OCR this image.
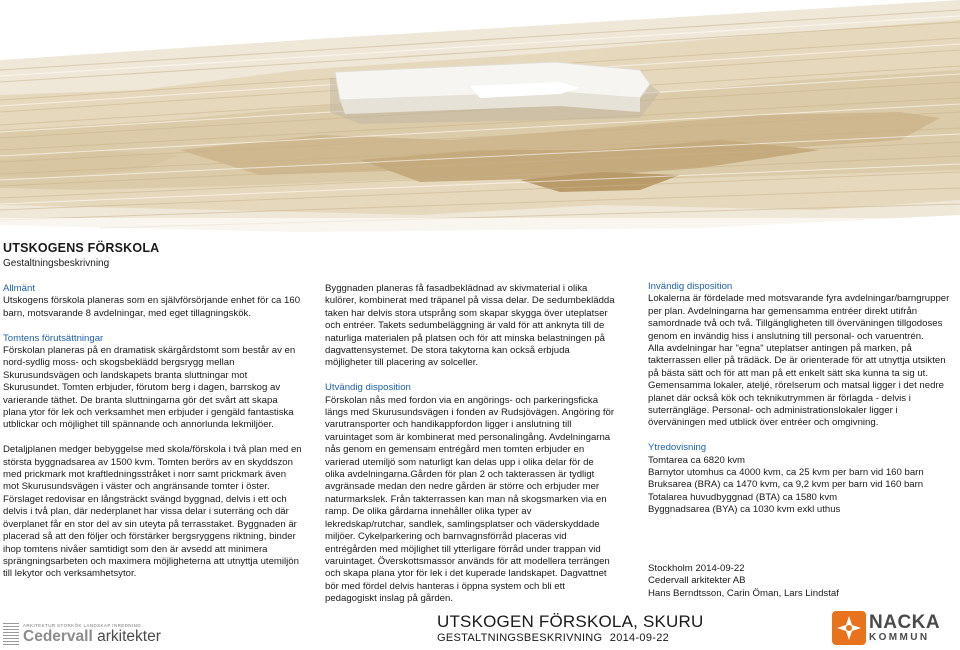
UTSKOGENS FÖRSKOLA
Gestaltningsbeskrivning

Allmänt

Utskogens förskola planeras som en självförsörjande enhet för ca 160 barn, motsvarande 8 avdelningar, med eget tillagningskök.

Tomtens förutsättningar

Förskolan planeras på en dramatisk skärgårdstomt som består av en nord-sydlig moss- och skogsbeklädd bergsrygg mellan Skurusundsvägen och landskapets branta sluttningar mot Skurusundet. Tomten erbjuder, förutom berg i dagen, barrskog av varierande täthet. De branta sluttningarna gör det svårt att skapa plana ytor för lek och verksamhet men erbjuder i gengäld fantastiska utblickar och möjlighet till spännande och annorlunda lekmiljöer.

Detaljplanen medger bebyggelse med skola/förskola i två plan med en största byggnadsarea av 1500 kvm. Tomten berörs av en skyddszon med prickmark mot kraftledningsstråket i norr samt prickmark även mot Skurusundsvägen i väster och angränsande tomter i öster. Förslaget redovisar en långsträckt svängd byggnad, delvis i ett och delvis i två plan, där nederplanet har vissa delar i suterräng och där överplanet får en stor del av sin uteyta på terrasstaket. Byggnaden är placerad så att den följer och förstärker bergsryggens riktning, binder ihop tomtens nivåer samtidigt som den är avsedd att minimera sprängningsarbeten och maximera möjligheterna att utnyttja utemiljön till lekytor och verksamhetsytor.

Byggnaden planeras få fasadbeklädnad av skivmaterial i olika kulörer, kombinerat med träpanel på vissa delar. De sedumbeklädda taken har delvis stora utsprång som skapar skygga över uteplatser och entréer. Takets sedumbeläggning är vald för att anknyta till de naturliga materialen på platsen och för att minska belastningen på dagvattensystemet. De stora takytorna kan också erbjuda möjligheter till placering av solceller.

Utvändig disposition

Förskolan nås med fordon via en angörings- och parkeringsficka längs med Skurusundsvägen i fonden av Rudsjövägen. Angöring för varutransporter och handikappfordon ligger i anslutning till varuintaget som är kombinerat med personalingång. Avdelningarna nås genom en gemensam entrégård men tomten erbjuder en varierad utemiljö som naturligt kan delas upp i olika delar för de olika avdelningarna.Gården för plan 2 och takterassen är tydligt avgränsade medan den nedre gården är större och erbjuder mer naturmarkslek. Från takterrassen kan man nå skogsmarken via en ramp. De olika gårdarna innehåller olika typer av lekredskap/rutchar, sandlek, samlingsplatser och väderskyddade miljöer. Cykelparkering och barnvagnsförråd placeras vid entrégården med möjlighet till ytterligare förråd under trappan vid varuintaget. Överskottsmassor används för att modellera terrängen och skapa plana ytor för lek i det kuperade landskapet. Dagvattnet bör med fördel delvis hanteras i öppna system och bli ett pedagogiskt inslag på gården.

Invändig disposition

Lokalerna är fördelade med motsvarande fyra avdelningar/barngrupper per plan. Avdelningarna har gemensamma entréer direkt utifrån samordnade två och två. Tillgängligheten till överväningen tillgodoses genom en invändig hiss i anslutning till personal- och varuentrén.

Alla avdelningar har "egna" uteplatser antingen på marken, på takterrassen eller på trädäck. De är orienterade för att utnyttja utsikten på bästa sätt och för att man på ett enkelt sätt ska kunna ta sig ut. Gemensamma lokaler, ateljé, rörelserum och matsal ligger i det nedre planet där också kök och teknikutrymmen är förlagda - delvis i suterrängläge. Personal- och administrationslokaler ligger i överväningen med utblick över entréer och omgivning.

Ytredovisning

Tomtarea ca 6820 kvm

Barnytor utomhus ca 4000 kvm, ca 25 kvm per barn vid 160 barn

Bruksarea (BRA) ca 1470 kvm, ca 9,2 kvm per barn vid 160 barn

Totalarea huvudbyggnad (BTA) ca 1580 kvm

Byggnadsarea (BYA) ca 1030 kvm exkl uthus

Stockholm 2014-09-22

Cedervall arkitekter AB

Hans Berndtsson, Carin Öman, Lars Lindstaf

ARKITEKTUR STORKÖK LANDSKAP INREDNING
Cedervall arkitekter
UTSKOGEN FÖRSKOLA, SKURU
GESTALTNINGSBESKRIVNING 2014-09-22
NACKA
KOMMUN
